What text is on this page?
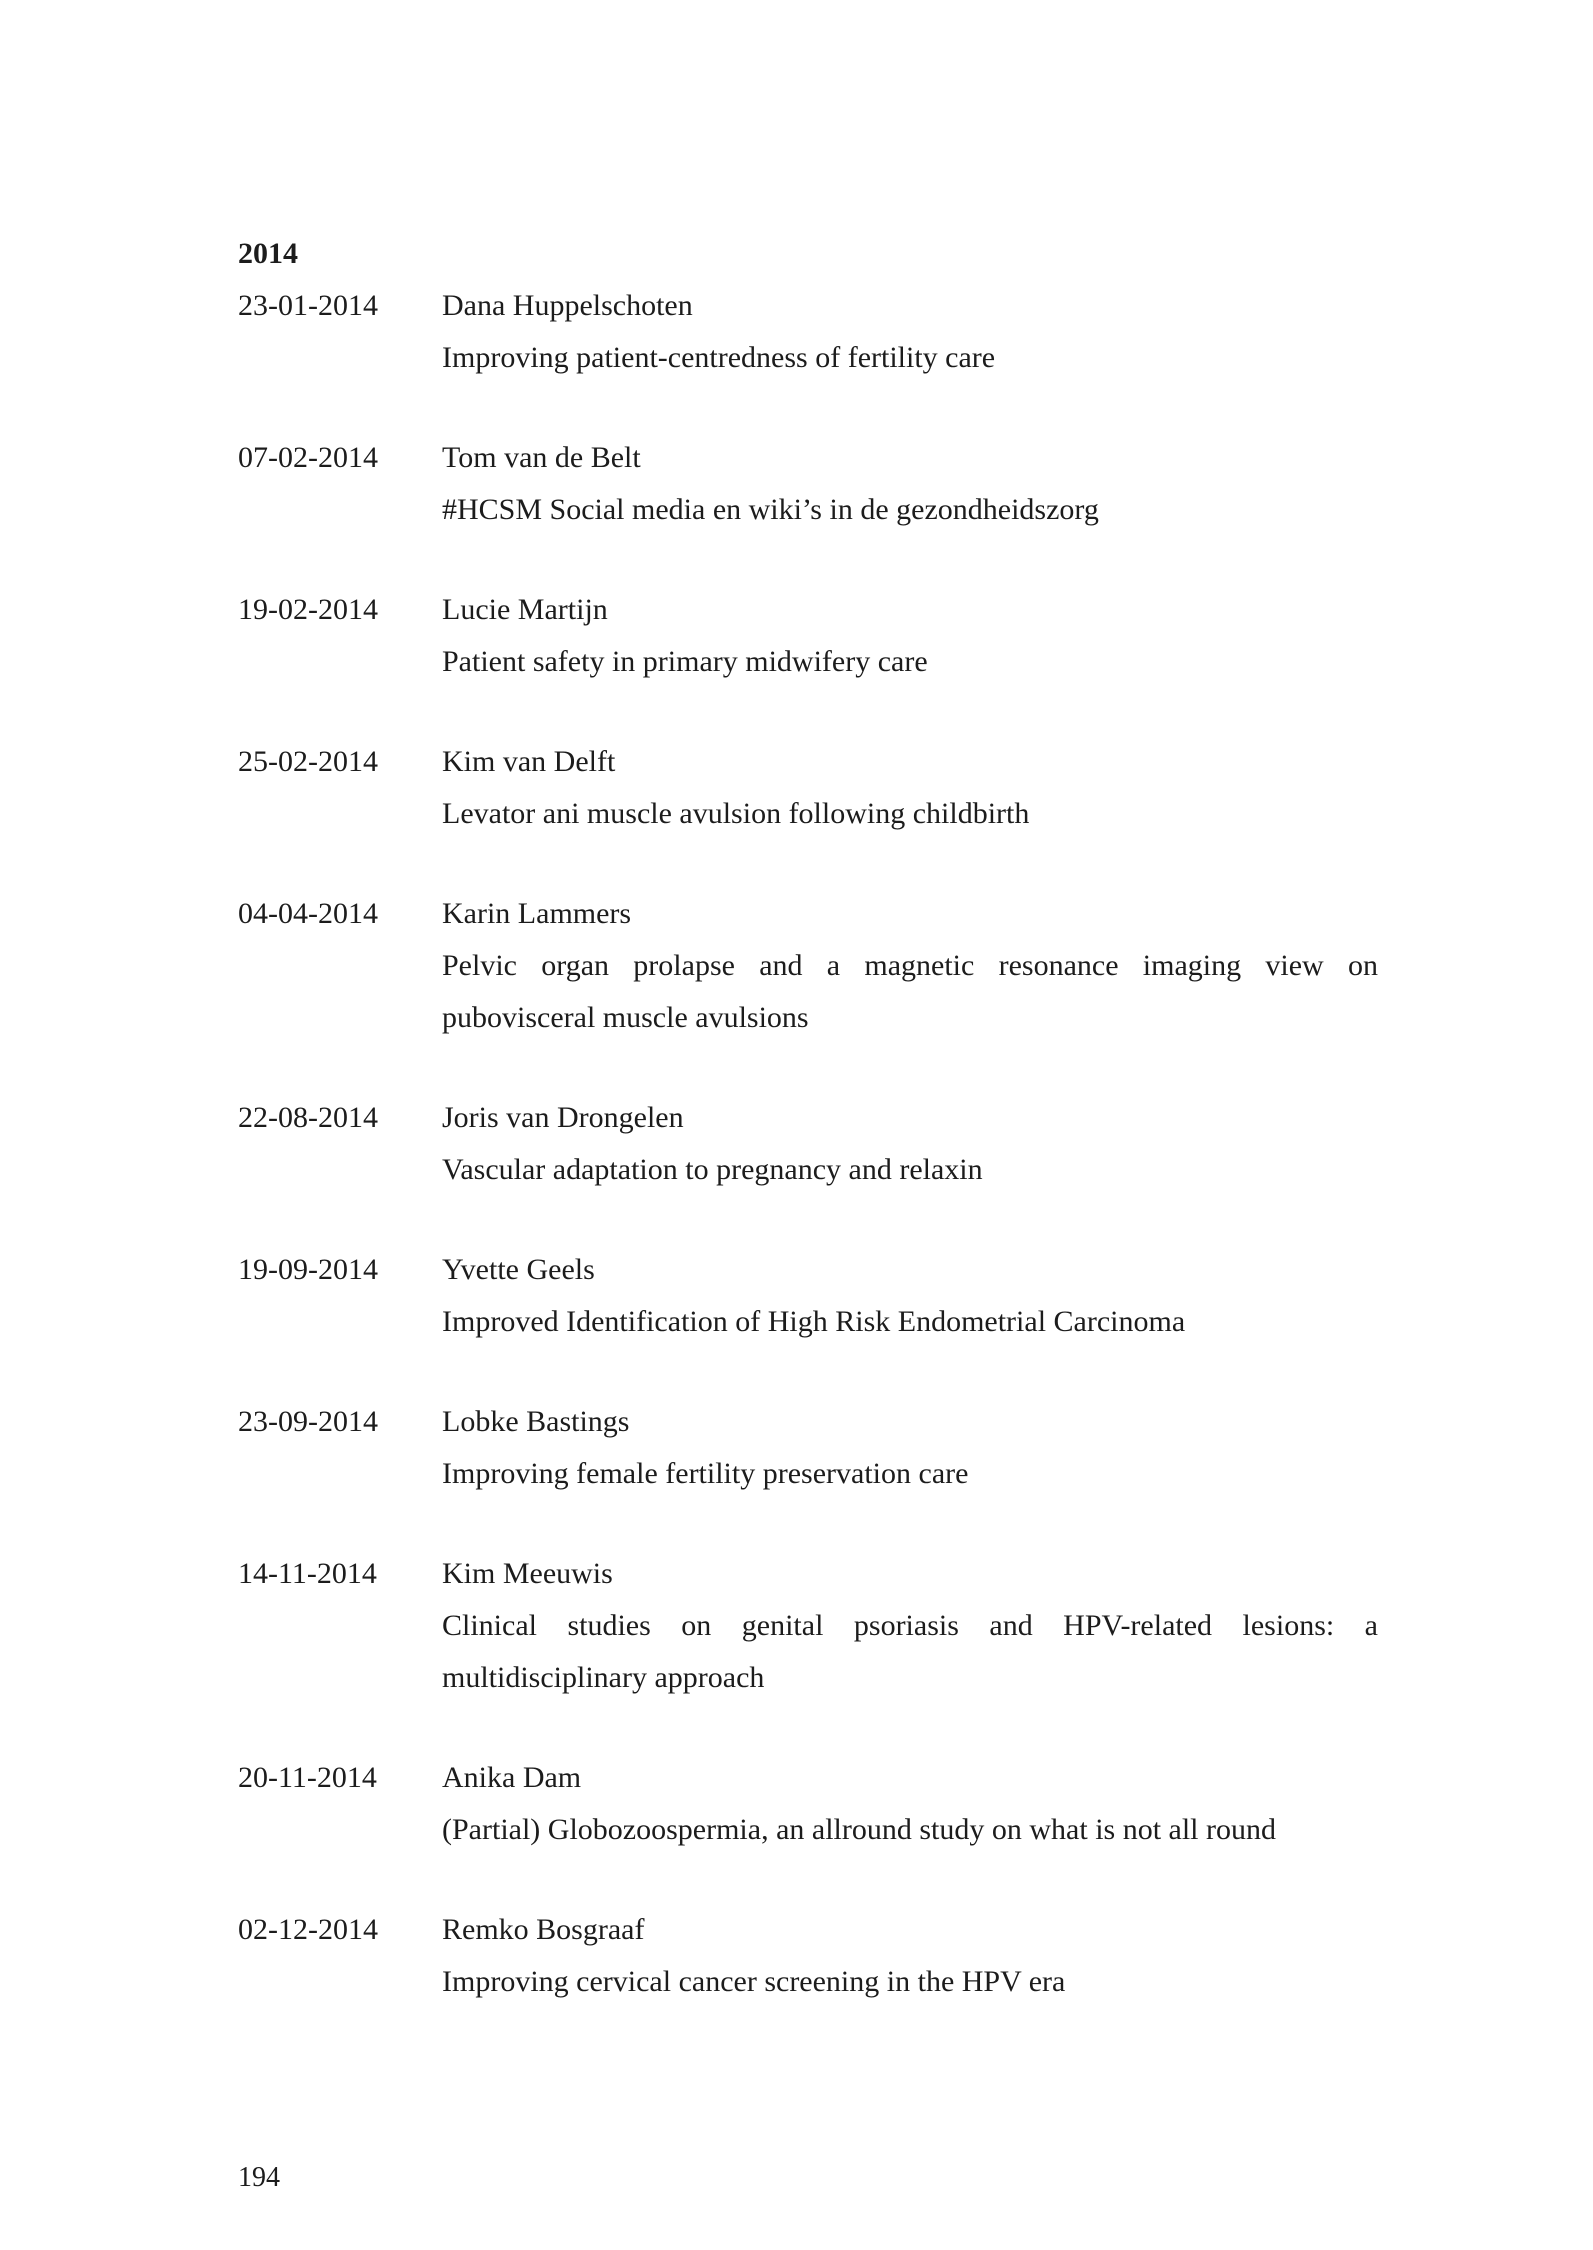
2014
23-01-2014	Dana Huppelschoten

Improving patient-centredness of fertility care

07-02-2014	Tom van de Belt

#HCSM Social media en wiki’s in de gezondheidszorg

19-02-2014	Lucie Martijn

Patient safety in primary midwifery care

25-02-2014	Kim van Delft

Levator ani muscle avulsion following childbirth

04-04-2014	Karin Lammers

Pelvic organ prolapse and a magnetic resonance imaging view on pubovisceral muscle avulsions

22-08-2014	Joris van Drongelen

Vascular adaptation to pregnancy and relaxin

19-09-2014	Yvette Geels

Improved Identification of High Risk Endometrial Carcinoma

23-09-2014	Lobke Bastings

Improving female fertility preservation care

14-11-2014	Kim Meeuwis

Clinical studies on genital psoriasis and HPV-related lesions: a multidisciplinary approach

20-11-2014	Anika Dam

(Partial) Globozoospermia, an allround study on what is not all round

02-12-2014	Remko Bosgraaf

Improving cervical cancer screening in the HPV era

194
